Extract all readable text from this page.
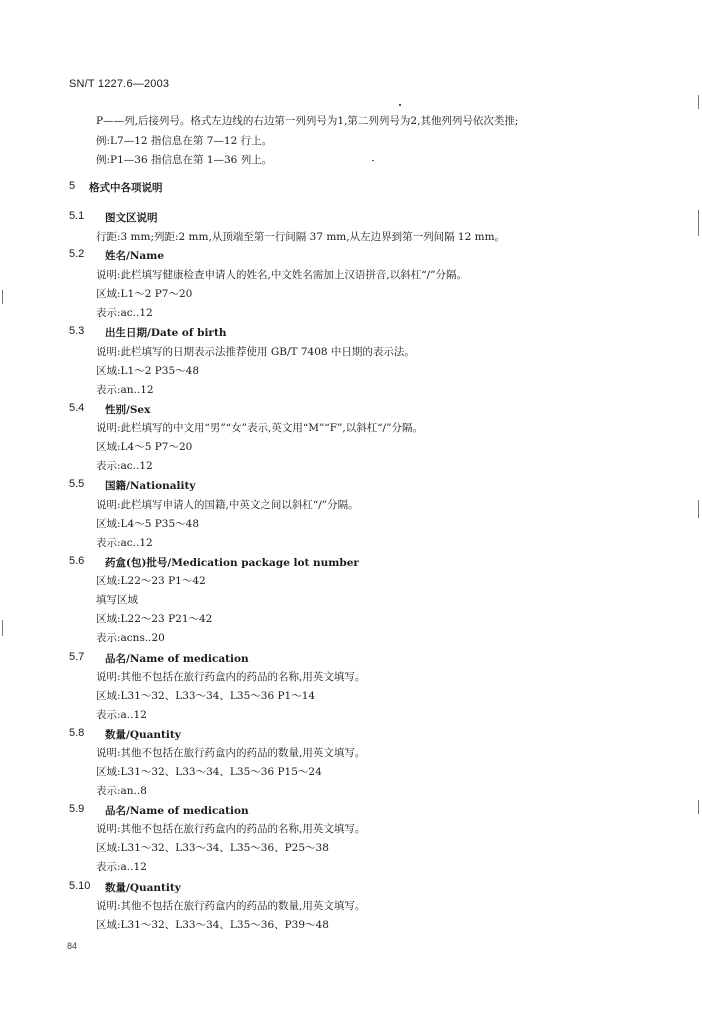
SN/T 1227.6—2003
P——列,后接列号。格式左边线的右边第一列列号为1,第二列列号为2,其他列列号依次类推;
例:L7—12 指信息在第 7—12 行上。
例:P1—36 指信息在第 1—36 列上。
5 格式中各项说明
5.1 图文区说明
行距:3 mm;列距:2 mm,从顶端至第一行间隔 37 mm,从左边界到第一列间隔 12 mm。
5.2 姓名/Name
说明:此栏填写健康检查申请人的姓名,中文姓名需加上汉语拼音,以斜杠“/”分隔。
区域:L1～2 P7～20
表示:ac..12
5.3 出生日期/Date of birth
说明:此栏填写的日期表示法推荐使用 GB/T 7408 中日期的表示法。
区域:L1～2 P35～48
表示:an..12
5.4 性别/Sex
说明:此栏填写的中文用“男”“女”表示,英文用“M”“F”,以斜杠“/”分隔。
区域:L4～5 P7～20
表示:ac..12
5.5 国籍/Nationality
说明:此栏填写申请人的国籍,中英文之间以斜杠“/”分隔。
区域:L4～5 P35～48
表示:ac..12
5.6 药盒(包)批号/Medication package lot number
区域:L22～23 P1～42
填写区域
区域:L22～23 P21～42
表示:acns..20
5.7 品名/Name of medication
说明:其他不包括在旅行药盒内的药品的名称,用英文填写。
区域:L31～32、L33～34、L35～36 P1～14
表示:a..12
5.8 数量/Quantity
说明:其他不包括在旅行药盒内的药品的数量,用英文填写。
区域:L31～32、L33～34、L35～36 P15～24
表示:an..8
5.9 品名/Name of medication
说明:其他不包括在旅行药盒内的药品的名称,用英文填写。
区域:L31～32、L33～34、L35～36、P25～38
表示:a..12
5.10 数量/Quantity
说明:其他不包括在旅行药盒内的药品的数量,用英文填写。
区域:L31～32、L33～34、L35～36、P39～48
84
